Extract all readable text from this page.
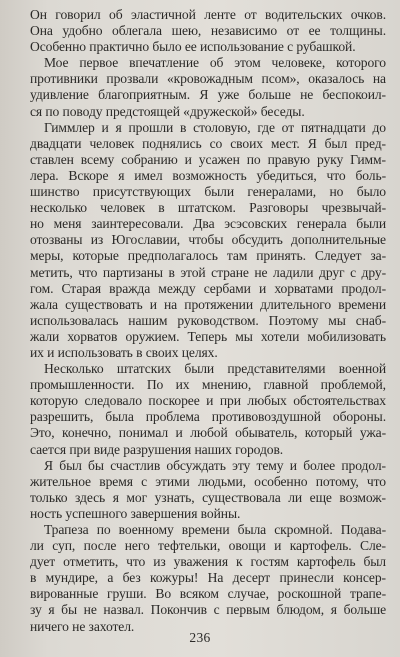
Он говорил об эластичной ленте от водительских очков.
Она удобно облегала шею, независимо от ее толщины.
Особенно практично было ее использование с рубашкой.

Мое первое впечатление об этом человеке, которого
противники прозвали «кровожадным псом», оказалось на
удивление благоприятным. Я уже больше не беспокоил-
ся по поводу предстоящей «дружеской» беседы.

Гиммлер и я прошли в столовую, где от пятнадцати до
двадцати человек поднялись со своих мест. Я был пред-
ставлен всему собранию и усажен по правую руку Гимм-
лера. Вскоре я имел возможность убедиться, что боль-
шинство присутствующих были генералами, но было
несколько человек в штатском. Разговоры чрезвычай-
но меня заинтересовали. Два эсэсовских генерала были
отозваны из Югославии, чтобы обсудить дополнительные
меры, которые предполагалось там принять. Следует за-
метить, что партизаны в этой стране не ладили друг с дру-
гом. Старая вражда между сербами и хорватами продол-
жала существовать и на протяжении длительного времени
использовалась нашим руководством. Поэтому мы снаб-
жали хорватов оружием. Теперь мы хотели мобилизовать
их и использовать в своих целях.

Несколько штатских были представителями военной
промышленности. По их мнению, главной проблемой,
которую следовало поскорее и при любых обстоятельствах
разрешить, была проблема противовоздушной обороны.
Это, конечно, понимал и любой обыватель, который ужа-
сается при виде разрушения наших городов.

Я был бы счастлив обсуждать эту тему и более продол-
жительное время с этими людьми, особенно потому, что
только здесь я мог узнать, существовала ли еще возмож-
ность успешного завершения войны.

Трапеза по военному времени была скромной. Подава-
ли суп, после него тефтельки, овощи и картофель. Сле-
дует отметить, что из уважения к гостям картофель был
в мундире, а без кожуры! На десерт принесли консер-
вированные груши. Во всяком случае, роскошной трапе-
зу я бы не назвал. Покончив с первым блюдом, я больше
ничего не захотел.

236
